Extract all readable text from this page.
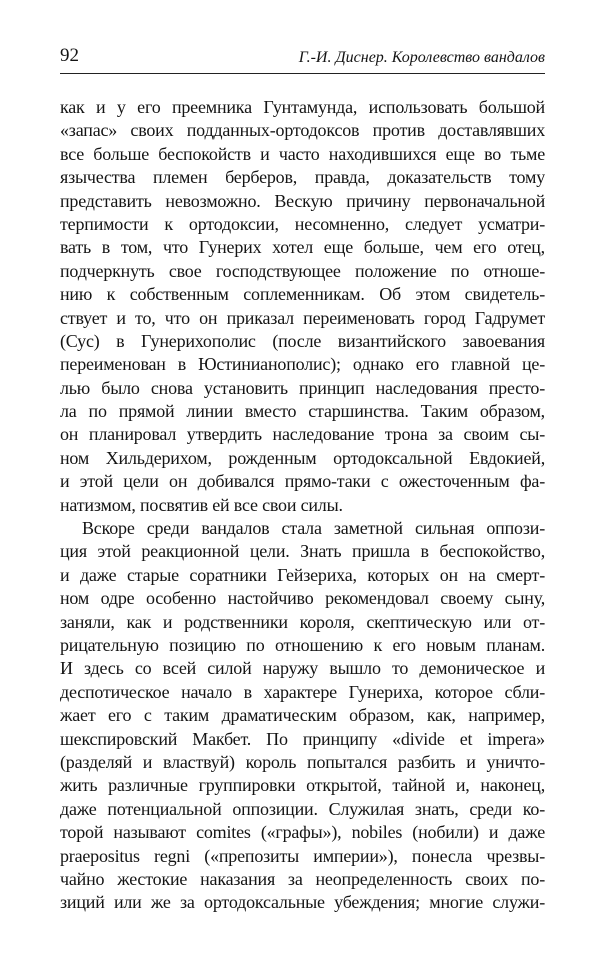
92	Г.-И. Диснер. Королевство вандалов
как и у его преемника Гунтамунда, использовать большой
«запас» своих подданных-ортодоксов против доставлявших
все больше беспокойств и часто находившихся еще во тьме
язычества племен берберов, правда, доказательств тому
представить невозможно. Вескую причину первоначальной
терпимости к ортодоксии, несомненно, следует усматри-
вать в том, что Гунерих хотел еще больше, чем его отец,
подчеркнуть свое господствующее положение по отноше-
нию к собственным соплеменникам. Об этом свидетель-
ствует и то, что он приказал переименовать город Гадрумет
(Сус) в Гунерихополис (после византийского завоевания
переименован в Юстинианополис); однако его главной це-
лью было снова установить принцип наследования престо-
ла по прямой линии вместо старшинства. Таким образом,
он планировал утвердить наследование трона за своим сы-
ном Хильдерихом, рожденным ортодоксальной Евдокией,
и этой цели он добивался прямо-таки с ожесточенным фа-
натизмом, посвятив ей все свои силы.
Вскоре среди вандалов стала заметной сильная оппози-
ция этой реакционной цели. Знать пришла в беспокойство,
и даже старые соратники Гейзериха, которых он на смерт-
ном одре особенно настойчиво рекомендовал своему сыну,
заняли, как и родственники короля, скептическую или от-
рицательную позицию по отношению к его новым планам.
И здесь со всей силой наружу вышло то демоническое и
деспотическое начало в характере Гунериха, которое сбли-
жает его с таким драматическим образом, как, например,
шекспировский Макбет. По принципу «divide et impera»
(разделяй и властвуй) король попытался разбить и уничто-
жить различные группировки открытой, тайной и, наконец,
даже потенциальной оппозиции. Служилая знать, среди ко-
торой называют comites («графы»), nobiles (нобили) и даже
praepositus regni («препозиты империи»), понесла чрезвы-
чайно жестокие наказания за неопределенность своих по-
зиций или же за ортодоксальные убеждения; многие служи-
